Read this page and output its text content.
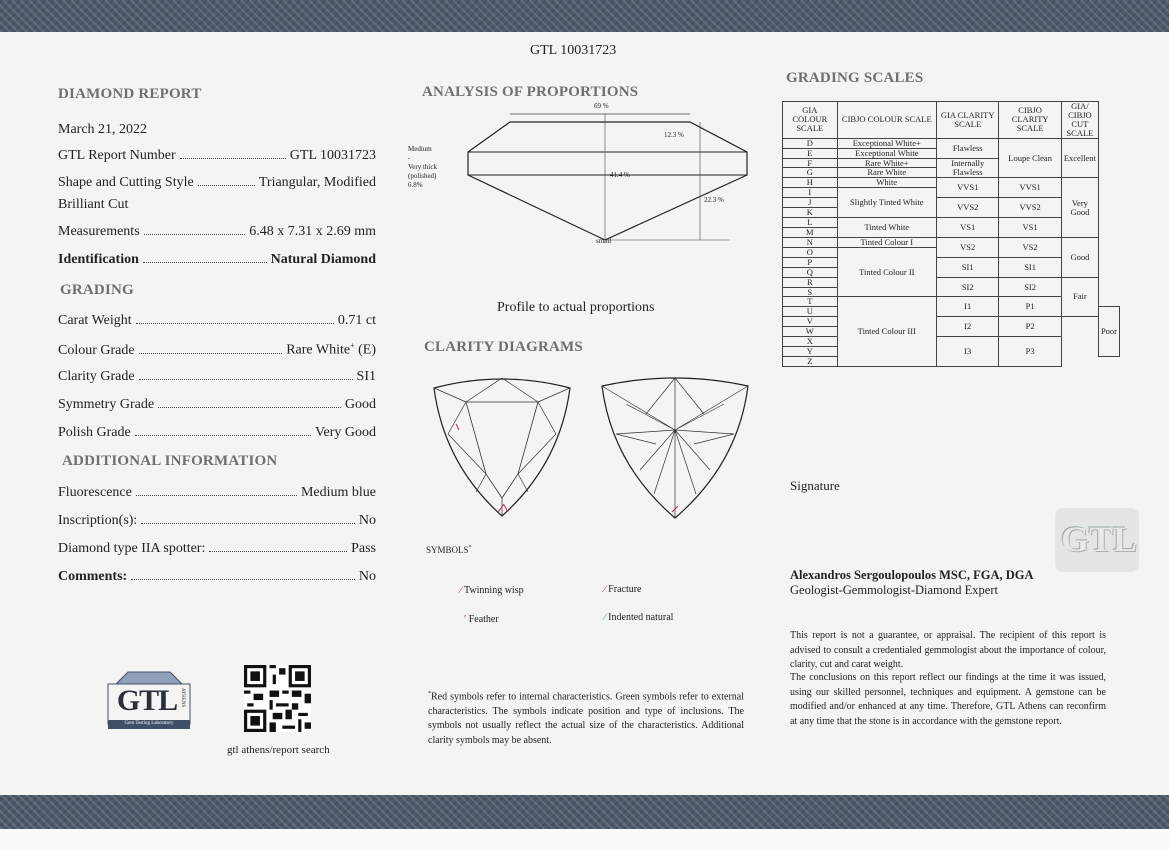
GTL 10031723
DIAMOND REPORT
March 21, 2022
GTL Report Number	GTL 10031723
Shape and Cutting Style	Triangular, Modified
Brilliant Cut
Measurements	6.48 x 7.31 x 2.69 mm
Identification	Natural Diamond
GRADING
Carat Weight	0.71 ct
Colour Grade	Rare White+ (E)
Clarity Grade	SI1
Symmetry Grade	Good
Polish Grade	Very Good
ADDITIONAL INFORMATION
Fluorescence	Medium blue
Inscription(s):	No
Diamond type IIA spotter:	Pass
Comments:	No
GTL ATHENS
Gem Testing Laboratory
gtl athens/report search
ANALYSIS OF PROPORTIONS
69 %
12.3 %
41.4 %
22.3 %
Medium
-
Very thick
(polished)
6.8%
small
Profile to actual proportions
CLARITY DIAGRAMS
SYMBOLS*
∕ Twinning wisp	∕ Fracture
′ Feather	∕ Indented natural
*Red symbols refer to internal characteristics. Green symbols refer to external characteristics. The symbols indicate position and type of inclusions. The symbols not usually reflect the actual size of the characteristics. Additional clarity symbols may be absent.
GRADING SCALES
GIA COLOUR SCALE	CIBJO COLOUR SCALE	GIA CLARITY SCALE	CIBJO CLARITY SCALE	GIA/ CIBJO CUT SCALE	
D	Exceptional White+	Flawless	Loupe Clean	Excellent	
E	Exceptional White				
F	Rare White+	Internally Flawless			
G	Rare White				
H	White	VVS1	VVS1	Very Good	
I	Slightly Tinted White				
J		VVS2	VVS2		
K					
L	Tinted White	VS1	VS1		
M					
N	Tinted Colour I	VS2	VS2	Good	
O	Tinted Colour II				
P		SI1	SI1		
Q					
R		SI2	SI2	Fair	
S					
T	Tinted Colour III	I1	P1		
U					Poor
V		I2	P2		
W					
X		I3	P3		
Y					
Z					
Signature
GTL
Alexandros Sergoulopoulos MSC, FGA, DGA
Geologist-Gemmologist-Diamond Expert
This report is not a guarantee, or appraisal. The recipient of this report is advised to consult a credentialed gemmologist about the importance of colour, clarity, cut and carat weight.
The conclusions on this report reflect our findings at the time it was issued, using our skilled personnel, techniques and equipment. A gemstone can be modified and/or enhanced at any time. Therefore, GTL Athens can reconfirm at any time that the stone is in accordance with the gemstone report.
